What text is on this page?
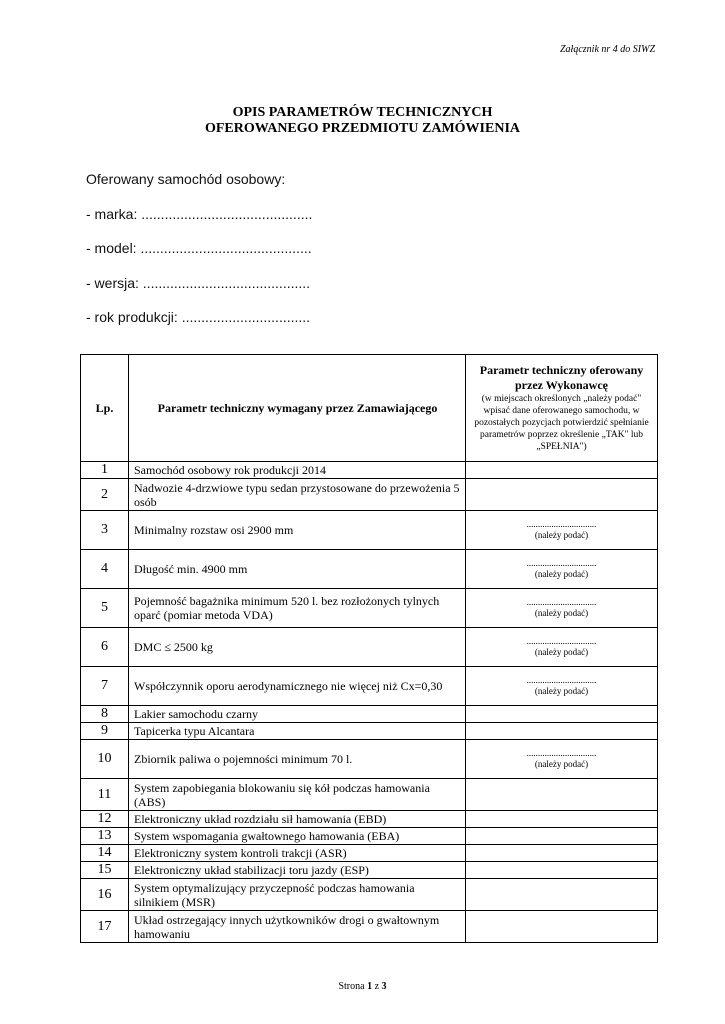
Załącznik nr 4 do SIWZ
OPIS PARAMETRÓW TECHNICZNYCH
OFEROWANEGO PRZEDMIOTU ZAMÓWIENIA
Oferowany samochód osobowy:
- marka: ............................................
- model: ............................................
- wersja: ...........................................
- rok produkcji: .................................
Lp.	Parametr techniczny wymagany przez Zamawiającego	Parametr techniczny oferowany przez Wykonawcę
(w miejscach określonych „należy podać" wpisać dane oferowanego samochodu, w pozostałych pozycjach potwierdzić spełnianie parametrów poprzez określenie „TAK" lub „SPEŁNIA")

1	Samochód osobowy rok produkcji 2014	
2	Nadwozie 4-drzwiowe typu sedan przystosowane do przewożenia 5 osób	
3	Minimalny rozstaw osi 2900 mm	...............................
(należy podać)

4	Długość min. 4900 mm	...............................
(należy podać)

5	Pojemność bagażnika minimum 520 l. bez rozłożonych tylnych oparć (pomiar metoda VDA)	...............................
(należy podać)

6	DMC ≤ 2500 kg	...............................
(należy podać)

7	Współczynnik oporu aerodynamicznego nie więcej niż Cx=0,30	...............................
(należy podać)

8	Lakier samochodu czarny	
9	Tapicerka typu Alcantara	
10	Zbiornik paliwa o pojemności minimum 70 l.	...............................
(należy podać)

11	System zapobiegania blokowaniu się kół podczas hamowania (ABS)	
12	Elektroniczny układ rozdziału sił hamowania (EBD)	
13	System wspomagania gwałtownego hamowania (EBA)	
14	Elektroniczny system kontroli trakcji (ASR)	
15	Elektroniczny układ stabilizacji toru jazdy (ESP)	
16	System optymalizujący przyczepność podczas hamowania silnikiem (MSR)	
17	Układ ostrzegający innych użytkowników drogi o gwałtownym hamowaniu	
Strona 1 z 3
